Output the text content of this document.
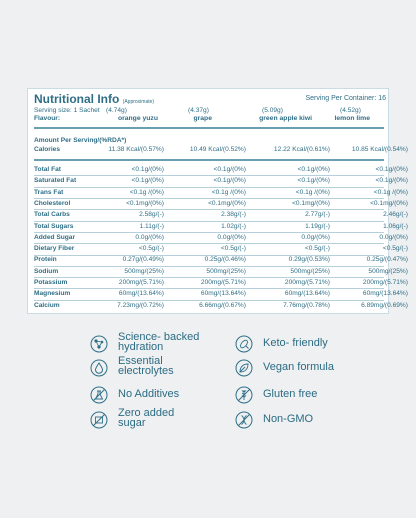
Nutritional Info (Approximate)	Serving Per Container: 16
Serving size: 1 Sachet (4.74g)	(4.37g)	(5.09g)	(4.52g)
Flavour:	orange yuzu	grape	green apple kiwi	lemon lime
Amount Per Serving/(%RDA*)
Calories	11.38 Kcal/(0.57%)	10.49 Kcal/(0.52%)	12.22 Kcal/(0.61%)	10.85 Kcal/(0.54%)
Total Fat	<0.1g/(0%)	<0.1g/(0%)	<0.1g/(0%)	<0.1g/(0%)
Saturated Fat	<0.1g/(0%)	<0.1g/(0%)	<0.1g/(0%)	<0.1g/(0%)
Trans Fat	<0.1g /(0%)	<0.1g /(0%)	<0.1g /(0%)	<0.1g /(0%)
Cholesterol	<0.1mg/(0%)	<0.1mg/(0%)	<0.1mg/(0%)	<0.1mg/(0%)
Total Carbs	2.58g/(-)	2.38g/(-)	2.77g/(-)	2.46g/(-)
Total Sugars	1.11g/(-)	1.02g/(-)	1.19g/(-)	1.06g/(-)
Added Sugar	0.0g/(0%)	0.0g/(0%)	0.0g/(0%)	0.0g/(0%)
Dietary Fiber	<0.5g/(-)	<0.5g/(-)	<0.5g/(-)	<0.5g/(-)
Protein	0.27g/(0.49%)	0.25g/(0.46%)	0.29g/(0.53%)	0.25g/(0.47%)
Sodium	500mg/(25%)	500mg/(25%)	500mg/(25%)	500mg/(25%)
Potassium	200mg/(5.71%)	200mg/(5.71%)	200mg/(5.71%)	200mg/(5.71%)
Magnesium	60mg/(13.64%)	60mg/(13.64%)	60mg/(13.64%)	60mg/(13.64%)
Calcium	7.23mg/(0.72%)	6.66mg/(0.67%)	7.76mg/(0.78%)	6.89mg/(0.69%)
Science- backed
hydration
Essential
electrolytes
No Additives
Zero added
sugar
Keto- friendly
Vegan formula
Gluten free
Non-GMO
